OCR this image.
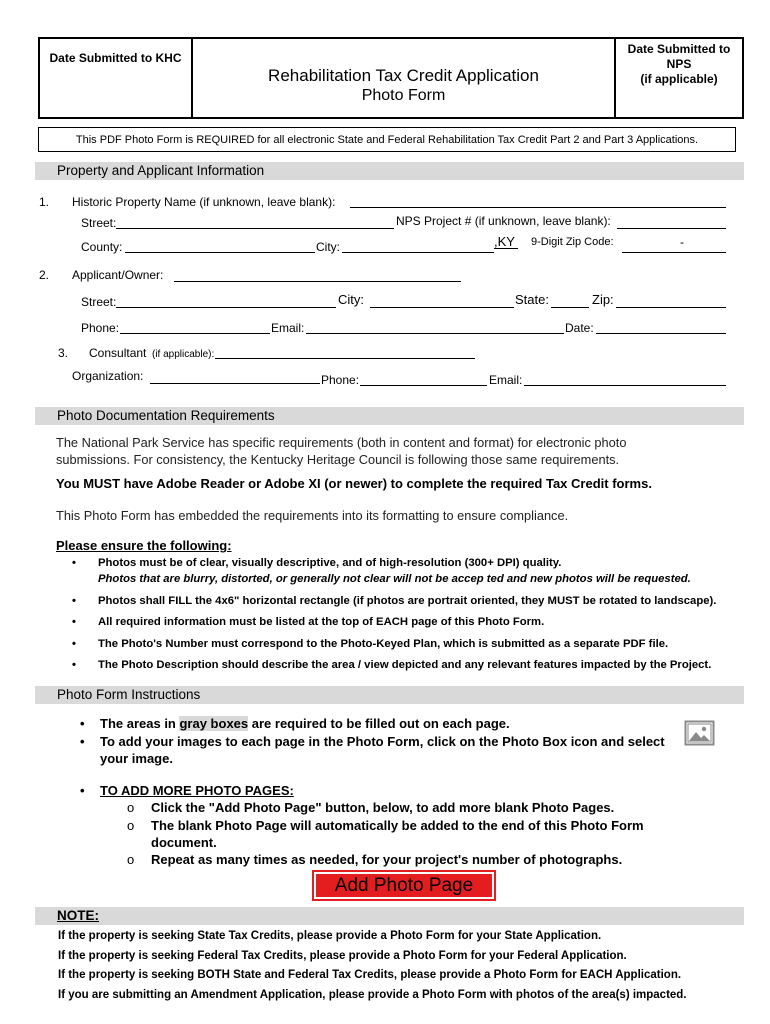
Date Submitted to KHC
Rehabilitation Tax Credit Application
Photo Form
Date Submitted to NPS
(if applicable)
This PDF Photo Form is REQUIRED for all electronic State and Federal Rehabilitation Tax Credit Part 2 and Part 3 Applications.
Property and Applicant Information
1. Historic Property Name (if unknown, leave blank):
Street:	NPS Project # (if unknown, leave blank):
County:	City:	,KY 9-Digit Zip Code:	-
2. Applicant/Owner:
Street:	City:	State:	Zip:
Phone:	Email:	Date:
3. Consultant (if applicable):
Organization:	Phone:	Email:
Photo Documentation Requirements
The National Park Service has specific requirements (both in content and format) for electronic photo
submissions. For consistency, the Kentucky Heritage Council is following those same requirements.
You MUST have Adobe Reader or Adobe XI (or newer) to complete the required Tax Credit forms.
This Photo Form has embedded the requirements into its formatting to ensure compliance.
Please ensure the following:
• Photos must be of clear, visually descriptive, and of high-resolution (300+ DPI) quality.
Photos that are blurry, distorted, or generally not clear will not be accep ted and new photos will be requested.
• Photos shall FILL the 4x6" horizontal rectangle (if photos are portrait oriented, they MUST be rotated to landscape).
• All required information must be listed at the top of EACH page of this Photo Form.
• The Photo's Number must correspond to the Photo-Keyed Plan, which is submitted as a separate PDF file.
• The Photo Description should describe the area / view depicted and any relevant features impacted by the Project.
Photo Form Instructions
• The areas in gray boxes are required to be filled out on each page.
• To add your images to each page in the Photo Form, click on the Photo Box icon and select
your image.
• TO ADD MORE PHOTO PAGES:
o Click the "Add Photo Page" button, below, to add more blank Photo Pages.
o The blank Photo Page will automatically be added to the end of this Photo Form
document.
o Repeat as many times as needed, for your project's number of photographs.
Add Photo Page
NOTE:
If the property is seeking State Tax Credits, please provide a Photo Form for your State Application.
If the property is seeking Federal Tax Credits, please provide a Photo Form for your Federal Application.
If the property is seeking BOTH State and Federal Tax Credits, please provide a Photo Form for EACH Application.
If you are submitting an Amendment Application, please provide a Photo Form with photos of the area(s) impacted.
